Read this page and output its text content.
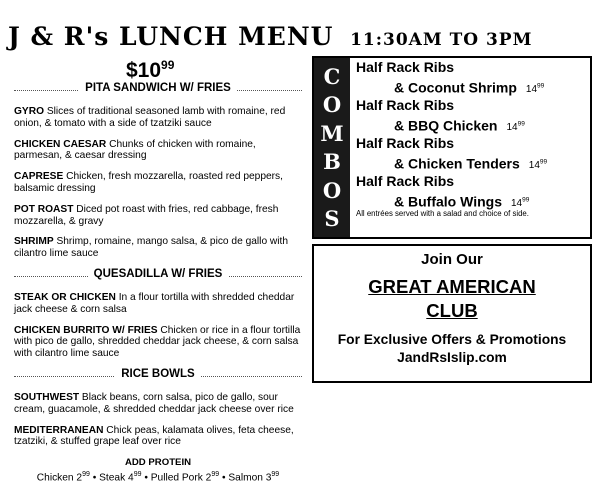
J & R's LUNCH MENU 11:30AM TO 3PM
$\$10^{99}$
PITA SANDWICH W/ FRIES
GYRO Slices of traditional seasoned lamb with romaine, red onion, & tomato with a side of tzatziki sauce
CHICKEN CAESAR Chunks of chicken with romaine, parmesan, & caesar dressing
CAPRESE Chicken, fresh mozzarella, roasted red peppers, balsamic dressing
POT ROAST Diced pot roast with fries, red cabbage, fresh mozzarella, & gravy
SHRIMP Shrimp, romaine, mango salsa, & pico de gallo with cilantro lime sauce
QUESADILLA W/ FRIES
STEAK OR CHICKEN In a flour tortilla with shredded cheddar jack cheese & corn salsa
CHICKEN BURRITO W/ FRIES Chicken or rice in a flour tortilla with pico de gallo, shredded cheddar jack cheese, & corn salsa with cilantro lime sauce
RICE BOWLS
SOUTHWEST Black beans, corn salsa, pico de gallo, sour cream, guacamole, & shredded cheddar jack cheese over rice
MEDITERRANEAN Chick peas, kalamata olives, feta cheese, tzatziki, & stuffed grape leaf over rice
ADD PROTEIN
Chicken $2^{99}$ • Steak $4^{99}$ • Pulled Pork $2^{99}$ • Salmon $3^{99}$
C
O
M
B
O
S
Half Rack Ribs
& Coconut Shrimp $14^{99}$
Half Rack Ribs
& BBQ Chicken $14^{99}$
Half Rack Ribs
& Chicken Tenders $14^{99}$
Half Rack Ribs
& Buffalo Wings $14^{99}$
All entrées served with a salad and choice of side.
Join Our
GREAT AMERICAN
CLUB
For Exclusive Offers & Promotions
JandRsIslip.com
